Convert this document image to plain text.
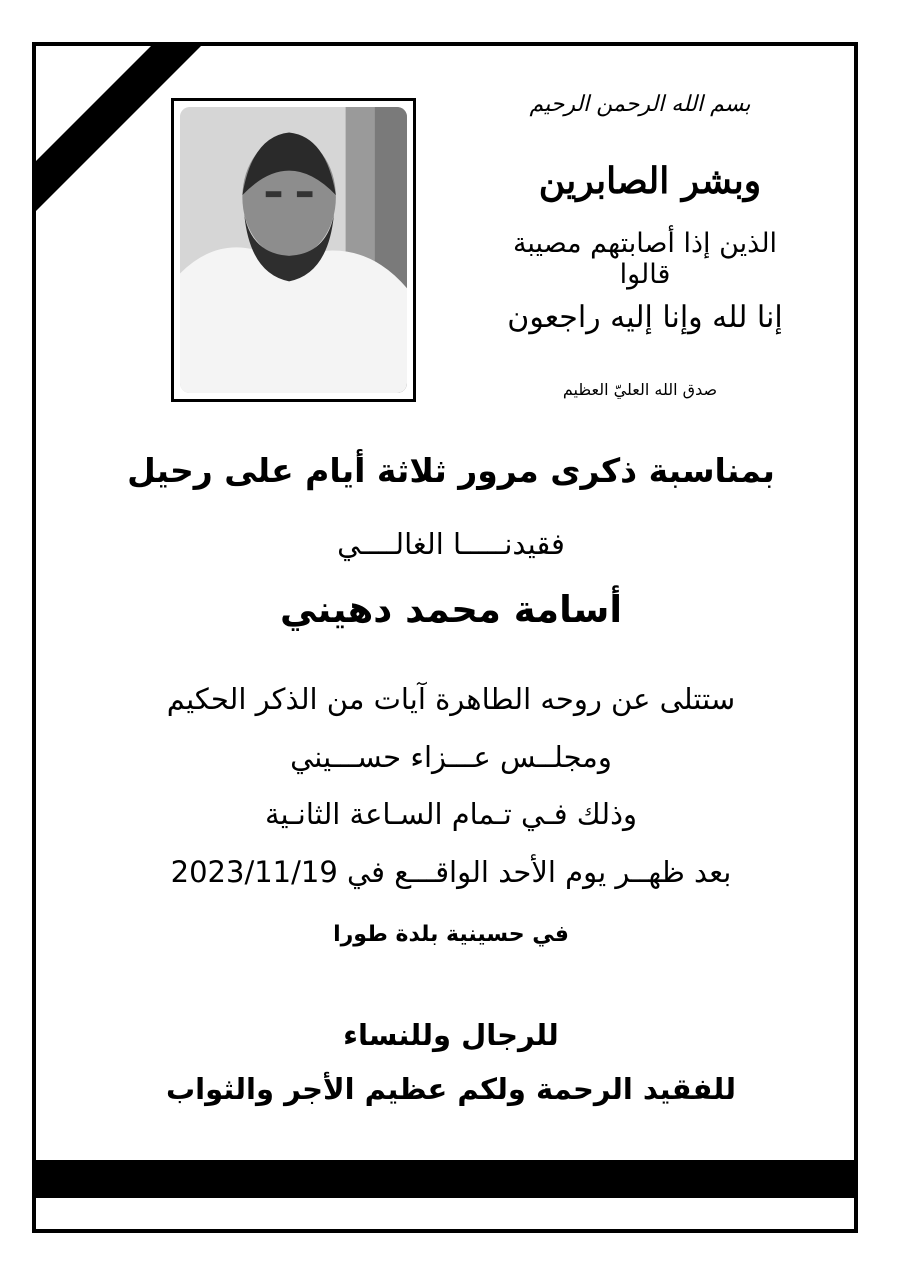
بسم الله الرحمن الرحيم
وبشر الصابرين
الذين إذا أصابتهم مصيبة قالوا
إنا لله وإنا إليه راجعون
صدق الله العليّ العظيم
بمناسبة ذكرى مرور ثلاثة أيام على رحيل
فقيدنـــــا الغالــــي
أسامة محمد دهيني
ستتلى عن روحه الطاهرة آيات من الذكر الحكيم
ومجلــس عـــزاء حســـيني
وذلك فـي تـمام السـاعة الثانـية
بعد ظهــر يوم الأحد الواقـــع في 2023/11/19
في حسينية بلدة طورا
للرجال وللنساء
للفقيد الرحمة ولكم عظيم الأجر والثواب
